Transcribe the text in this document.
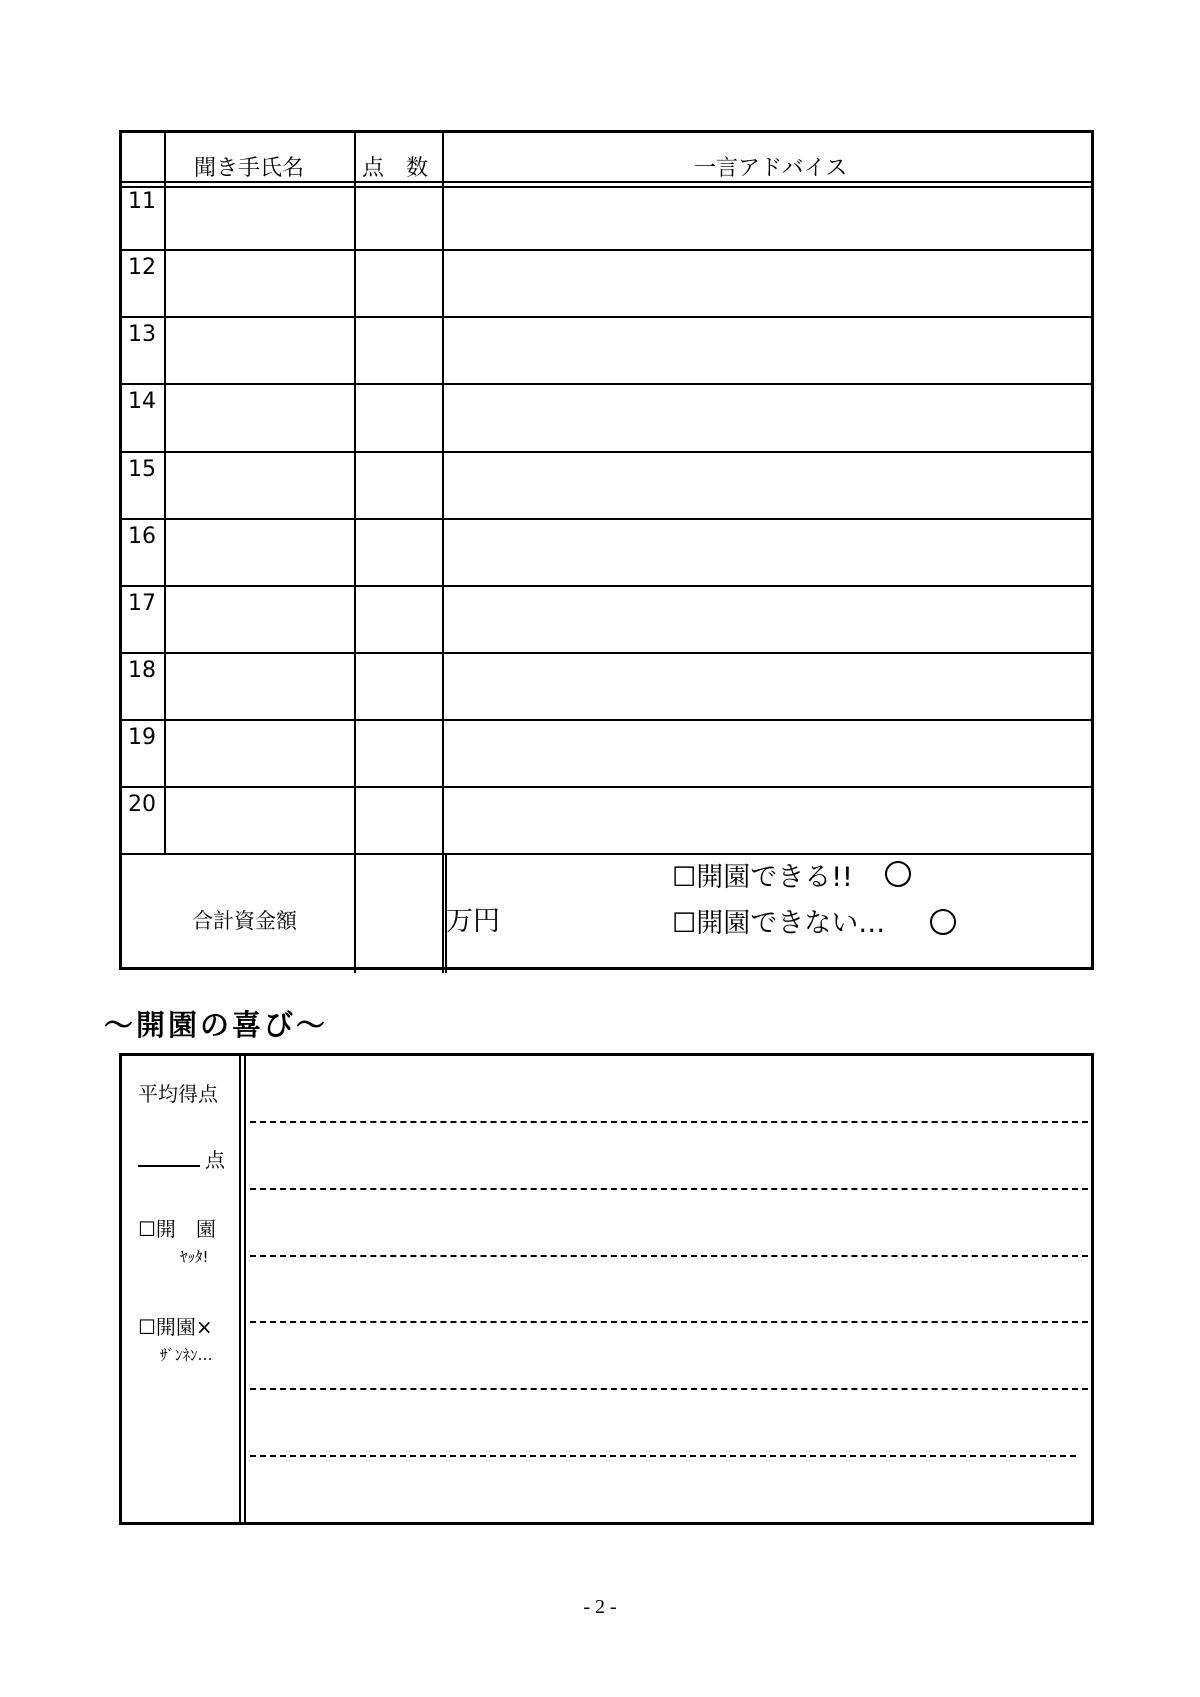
聞き手氏名	点　数	一言アドバイス
11
12
13
14
15
16
17
18
19
20
合計資金額	万円
☐開園できる!!
☐開園できない…
～開園の喜び～
平均得点
点
☐開　園
ﾔｯﾀ!
☐開園×
ｻﾞﾝﾈﾝ…
- 2 -
